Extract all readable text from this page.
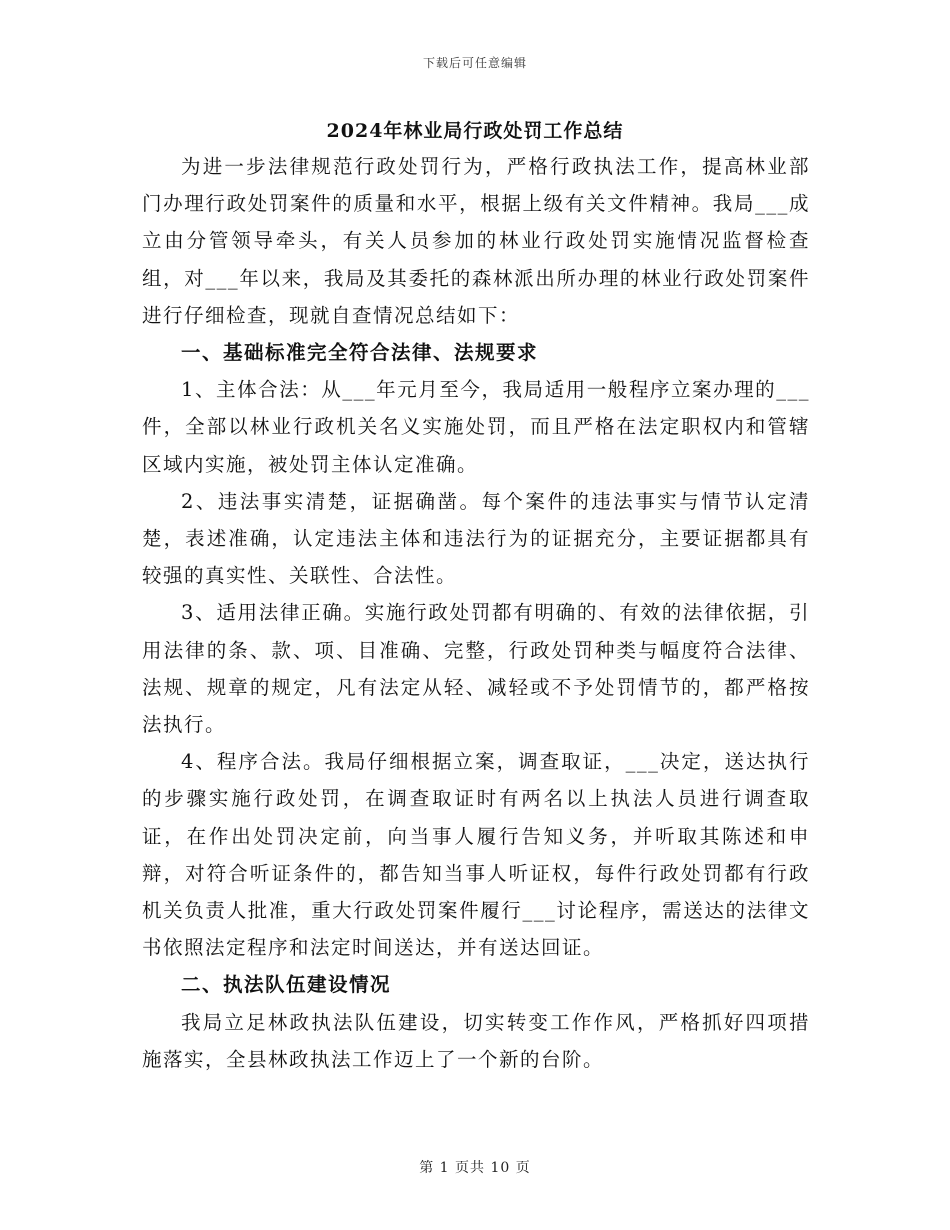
下载后可任意编辑
2024年林业局行政处罚工作总结

为进一步法律规范行政处罚行为，严格行政执法工作，提高林业部门办理行政处罚案件的质量和水平，根据上级有关文件精神。我局___成立由分管领导牵头，有关人员参加的林业行政处罚实施情况监督检查组，对___年以来，我局及其委托的森林派出所办理的林业行政处罚案件进行仔细检查，现就自查情况总结如下：

一、基础标准完全符合法律、法规要求

1、主体合法：从___年元月至今，我局适用一般程序立案办理的___件，全部以林业行政机关名义实施处罚，而且严格在法定职权内和管辖区域内实施，被处罚主体认定准确。

2、违法事实清楚，证据确凿。每个案件的违法事实与情节认定清楚，表述准确，认定违法主体和违法行为的证据充分，主要证据都具有较强的真实性、关联性、合法性。

3、适用法律正确。实施行政处罚都有明确的、有效的法律依据，引用法律的条、款、项、目准确、完整，行政处罚种类与幅度符合法律、法规、规章的规定，凡有法定从轻、减轻或不予处罚情节的，都严格按法执行。

4、程序合法。我局仔细根据立案，调查取证，___决定，送达执行的步骤实施行政处罚，在调查取证时有两名以上执法人员进行调查取证，在作出处罚决定前，向当事人履行告知义务，并听取其陈述和申辩，对符合听证条件的，都告知当事人听证权，每件行政处罚都有行政机关负责人批准，重大行政处罚案件履行___讨论程序，需送达的法律文书依照法定程序和法定时间送达，并有送达回证。

二、执法队伍建设情况

我局立足林政执法队伍建设，切实转变工作作风，严格抓好四项措施落实，全县林政执法工作迈上了一个新的台阶。

第 1 页共 10 页
